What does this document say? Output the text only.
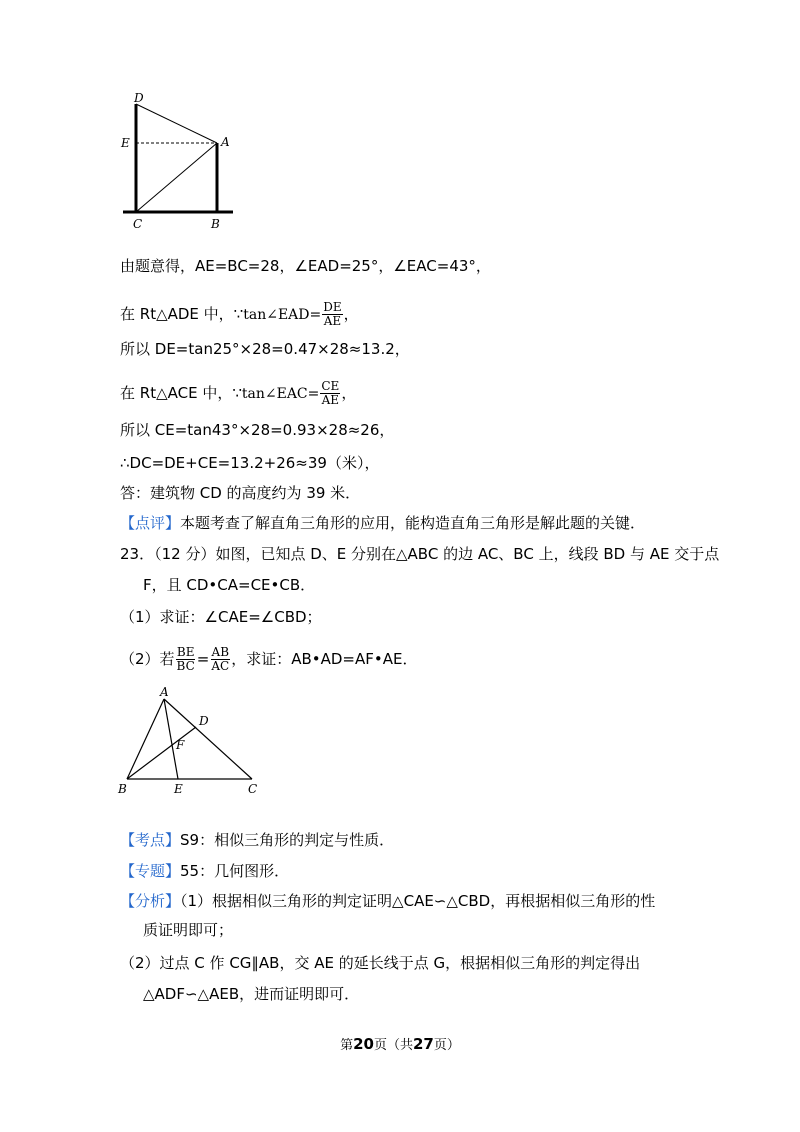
D
E	A
C	B
由题意得，AE=BC=28，∠EAD=25°，∠EAC=43°，
在 Rt△ADE 中，∵tan∠EAD= $\frac{DE}{AE}$ ，
所以 DE=tan25°×28=0.47×28≈13.2，
在 Rt△ACE 中，∵tan∠EAC= $\frac{CE}{AE}$ ，
所以 CE=tan43°×28=0.93×28≈26，
∴DC=DE+CE=13.2+26≈39（米），
答：建筑物 CD 的高度约为 39 米．
【点评】本题考查了解直角三角形的应用，能构造直角三角形是解此题的关键．
23．（12 分）如图，已知点 D、E 分别在△ABC 的边 AC、BC 上，线段 BD 与 AE 交于点
F，且 CD•CA=CE•CB．
（1）求证：∠CAE=∠CBD；
（2）若 $\frac{BE}{BC} = \frac{AB}{AC}$ ，求证：AB•AD=AF•AE．
A
D
F
B	E	C
【考点】S9：相似三角形的判定与性质．
【专题】55：几何图形．
【分析】（1）根据相似三角形的判定证明△CAE∽△CBD，再根据相似三角形的性
质证明即可；
（2）过点 C 作 CG∥AB，交 AE 的延长线于点 G，根据相似三角形的判定得出
△ADF∽△AEB，进而证明即可．
第20页（共27页）
